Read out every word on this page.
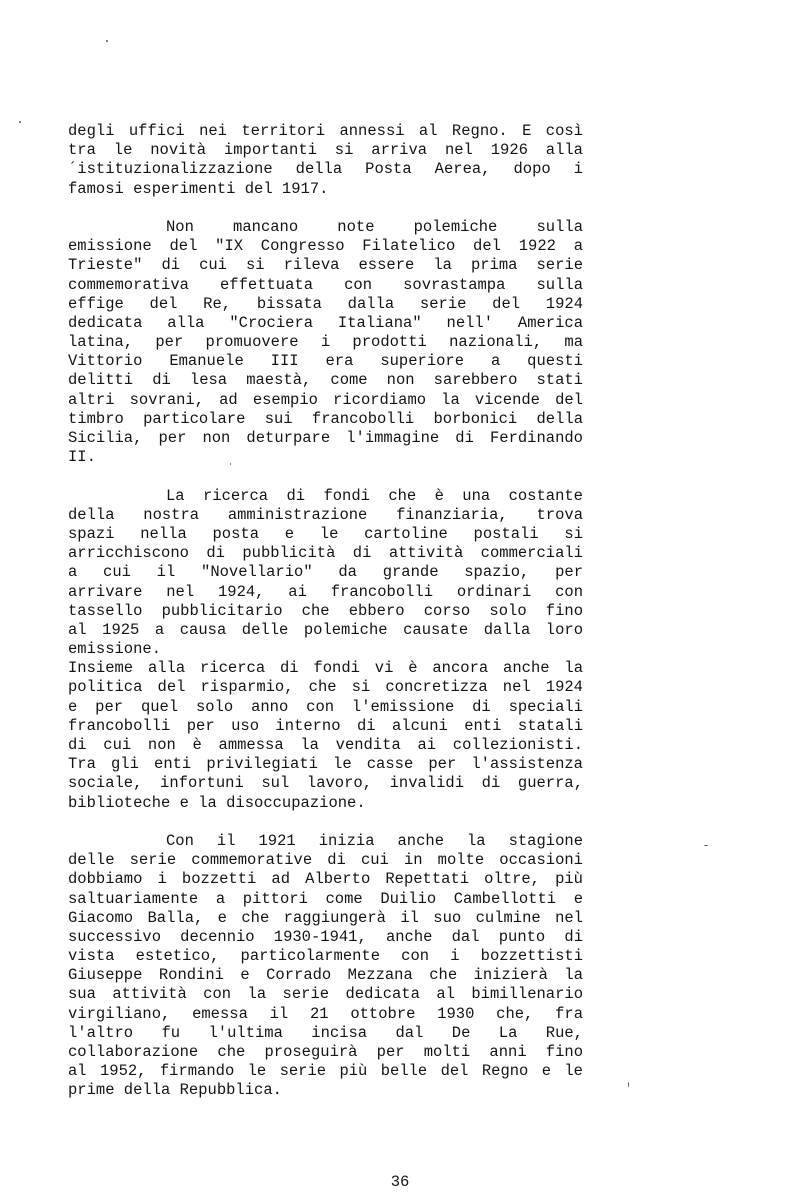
degli uffici nei territori annessi al Regno. E così
tra le novità importanti si arriva nel 1926 alla
´istituzionalizzazione della Posta Aerea, dopo i
famosi esperimenti del 1917.
Non mancano note polemiche sulla
emissione del "IX Congresso Filatelico del 1922 a
Trieste" di cui si rileva essere la prima serie
commemorativa effettuata con sovrastampa sulla
effige del Re, bissata dalla serie del 1924
dedicata alla "Crociera Italiana" nell' America
latina, per promuovere i prodotti nazionali, ma
Vittorio Emanuele III era superiore a questi
delitti di lesa maestà, come non sarebbero stati
altri sovrani, ad esempio ricordiamo la vicende del
timbro particolare sui francobolli borbonici della
Sicilia, per non deturpare l'immagine di Ferdinando
II.
La ricerca di fondi che è una costante
della nostra amministrazione finanziaria, trova
spazi nella posta e le cartoline postali si
arricchiscono di pubblicità di attività commerciali
a cui il "Novellario" da grande spazio, per
arrivare nel 1924, ai francobolli ordinari con
tassello pubblicitario che ebbero corso solo fino
al 1925 a causa delle polemiche causate dalla loro
emissione.
Insieme alla ricerca di fondi vi è ancora anche la
politica del risparmio, che si concretizza nel 1924
e per quel solo anno con l'emissione di speciali
francobolli per uso interno di alcuni enti statali
di cui non è ammessa la vendita ai collezionisti.
Tra gli enti privilegiati le casse per l'assistenza
sociale, infortuni sul lavoro, invalidi di guerra,
biblioteche e la disoccupazione.
Con il 1921 inizia anche la stagione
delle serie commemorative di cui in molte occasioni
dobbiamo i bozzetti ad Alberto Repettati oltre, più
saltuariamente a pittori come Duilio Cambellotti e
Giacomo Balla, e che raggiungerà il suo culmine nel
successivo decennio 1930-1941, anche dal punto di
vista estetico, particolarmente con i bozzettisti
Giuseppe Rondini e Corrado Mezzana che inizierà la
sua attività con la serie dedicata al bimillenario
virgiliano, emessa il 21 ottobre 1930 che, fra
l'altro fu l'ultima incisa dal De La Rue,
collaborazione che proseguirà per molti anni fino
al 1952, firmando le serie più belle del Regno e le
prime della Repubblica.
36
